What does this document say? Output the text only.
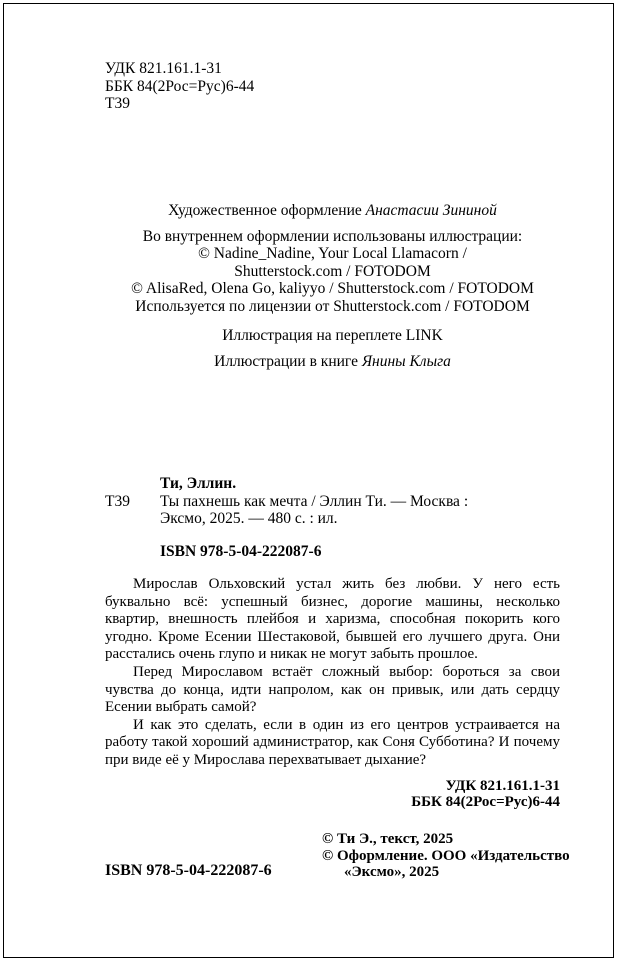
УДК 821.161.1-31
ББК 84(2Рос=Рус)6-44
Т39

Художественное оформление Анастасии Зининой

Во внутреннем оформлении использованы иллюстрации:

© Nadine_Nadine, Your Local Llamacorn /
Shutterstock.com / FOTODOM

© AlisaRed, Olena Go, kaliyyo / Shutterstock.com / FOTODOM

Используется по лицензии от Shutterstock.com / FOTODOM

Иллюстрация на переплете LINK

Иллюстрации в книге Янины Клыга

Ти, Эллин.

Т39	Ты пахнешь как мечта / Эллин Ти. — Москва :
Эксмо, 2025. — 480 с. : ил.

ISBN 978-5-04-222087-6

Мирослав Ольховский устал жить без любви. У него есть буквально всё: успешный бизнес, дорогие машины, несколько квартир, внешность плейбоя и харизма, способная покорить кого угодно. Кроме Есении Шестаковой, бывшей его лучшего друга. Они расстались очень глупо и никак не могут забыть прошлое.

Перед Мирославом встаёт сложный выбор: бороться за свои чувства до конца, идти напролом, как он привык, или дать сердцу Есении выбрать самой?

И как это сделать, если в один из его центров устраивается на работу такой хороший администратор, как Соня Субботина? И почему при виде её у Мирослава перехватывает дыхание?

УДК 821.161.1-31
ББК 84(2Рос=Рус)6-44
© Ти Э., текст, 2025
© Оформление. ООО «Издательство
«Эксмо», 2025
ISBN 978-5-04-222087-6
